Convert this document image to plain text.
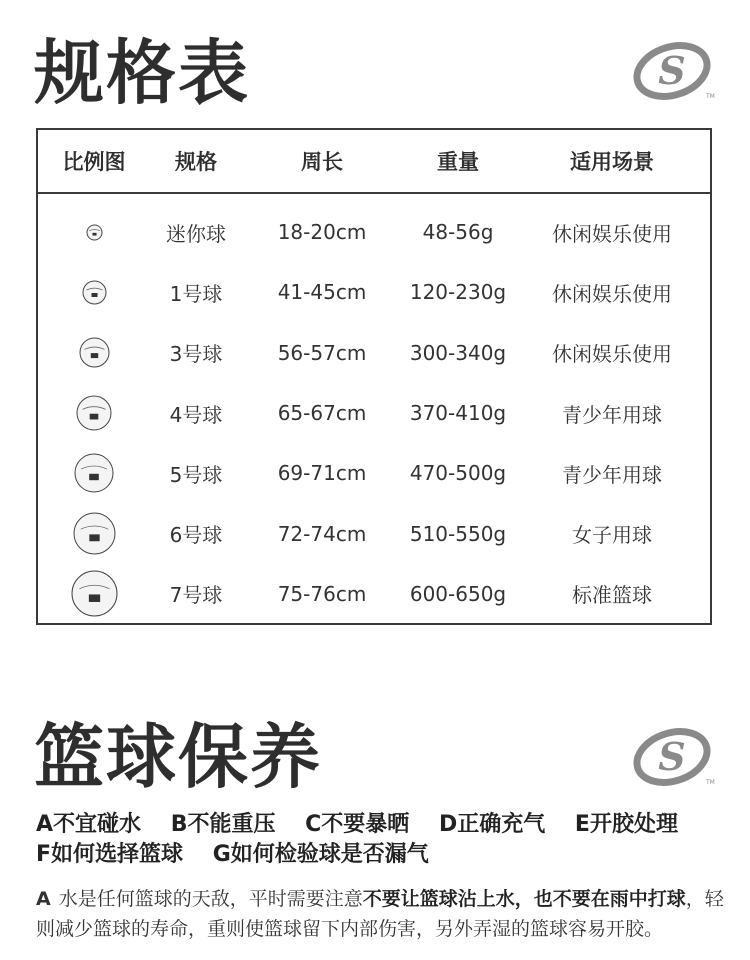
规格表	S
TM
比例图	规格	周长	重量	适用场景
迷你球	18-20cm	48-56g	休闲娱乐使用
1号球	41-45cm	120-230g	休闲娱乐使用
3号球	56-57cm	300-340g	休闲娱乐使用
4号球	65-67cm	370-410g	青少年用球
5号球	69-71cm	470-500g	青少年用球
6号球	72-74cm	510-550g	女子用球
7号球	75-76cm	600-650g	标准篮球
篮球保养	S
TM
A不宜碰水 B不能重压 C不要暴晒 D正确充气 E开胶处理 F如何选择篮球 G如何检验球是否漏气
A 水是任何篮球的天敌，平时需要注意不要让篮球沾上水，也不要在雨中打球，轻则减少篮球的寿命，重则使篮球留下内部伤害，另外弄湿的篮球容易开胶。
